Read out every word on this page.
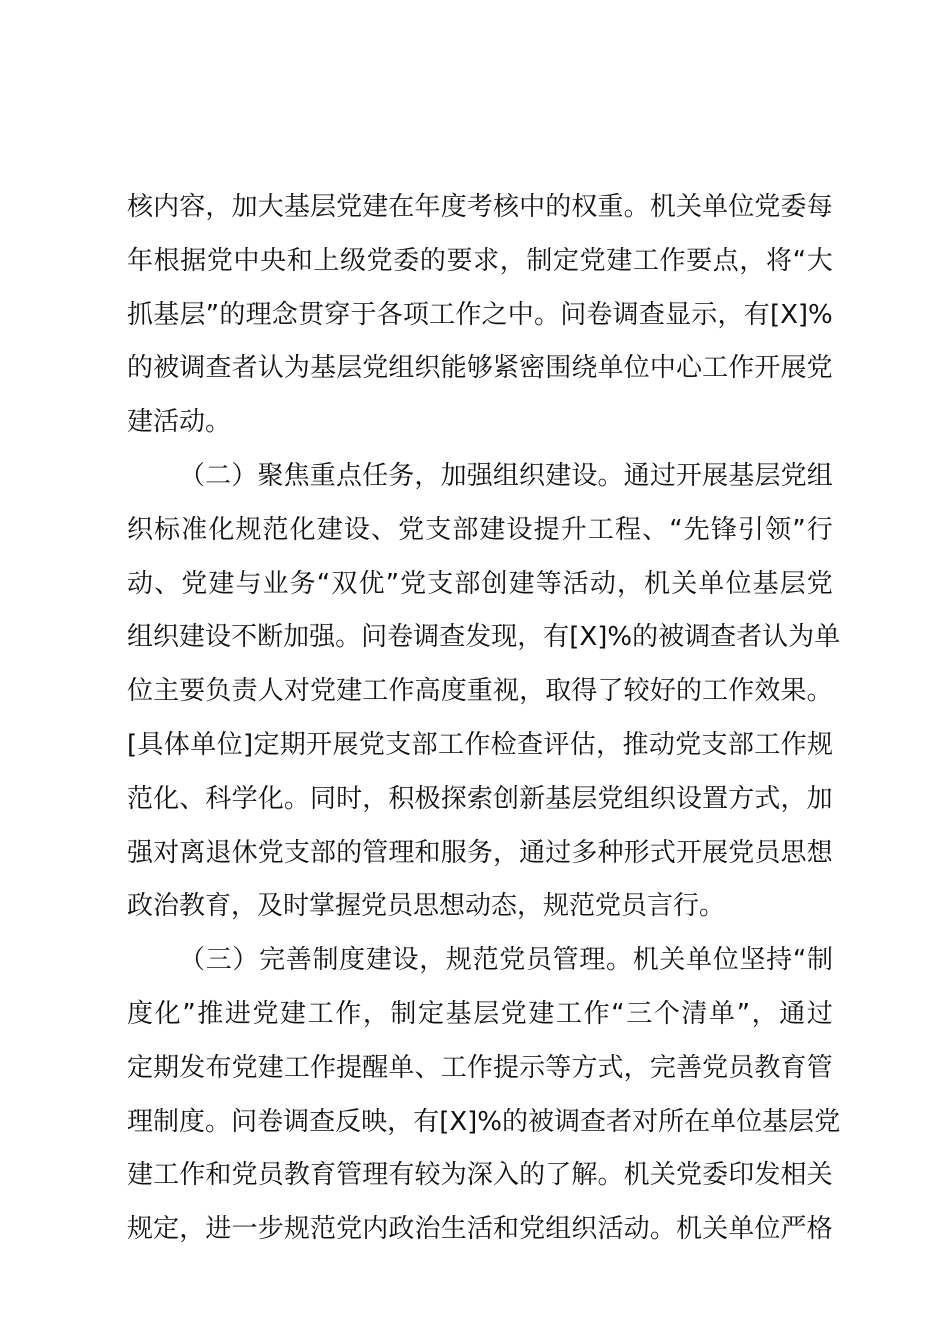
核 内 容 ， 加 大 基 层 党 建 在 年 度 考 核 中 的 权 重 。 机 关 单 位 党 委 每
年 根 据 党 中 央 和 上 级 党 委 的 要 求 ， 制 定 党 建 工 作 要 点 ， 将 “ 大
抓 基 层 ” 的 理 念 贯 穿 于 各 项 工 作 之 中 。 问 卷 调 查 显 示 ， 有 [X]%
的 被 调 查 者 认 为 基 层 党 组 织 能 够 紧 密 围 绕 单 位 中 心 工 作 开 展 党
建活动。
（ 二 ） 聚 焦 重 点 任 务 ， 加 强 组 织 建 设 。 通 过 开 展 基 层 党 组
织 标 准 化 规 范 化 建 设 、 党 支 部 建 设 提 升 工 程 、 “ 先 锋 引 领 ” 行
动 、 党 建 与 业 务 “ 双 优 ” 党 支 部 创 建 等 活 动 ， 机 关 单 位 基 层 党
组 织 建 设 不 断 加 强 。 问 卷 调 查 发 现 ， 有 [X]% 的 被 调 查 者 认 为 单
位 主 要 负 责 人 对 党 建 工 作 高 度 重 视 ， 取 得 了 较 好 的 工 作 效 果 。
[ 具 体 单 位 ] 定 期 开 展 党 支 部 工 作 检 查 评 估 ， 推 动 党 支 部 工 作 规
范 化 、 科 学 化 。 同 时 ， 积 极 探 索 创 新 基 层 党 组 织 设 置 方 式 ， 加
强 对 离 退 休 党 支 部 的 管 理 和 服 务 ， 通 过 多 种 形 式 开 展 党 员 思 想
政治教育，及时掌握党员思想动态，规范党员言行。
（ 三 ） 完 善 制 度 建 设 ， 规 范 党 员 管 理 。 机 关 单 位 坚 持 “ 制
度 化 ” 推 进 党 建 工 作 ， 制 定 基 层 党 建 工 作 “ 三 个 清 单 ” ， 通 过
定 期 发 布 党 建 工 作 提 醒 单 、 工 作 提 示 等 方 式 ， 完 善 党 员 教 育 管
理 制 度 。 问 卷 调 查 反 映 ， 有 [X]% 的 被 调 查 者 对 所 在 单 位 基 层 党
建 工 作 和 党 员 教 育 管 理 有 较 为 深 入 的 了 解 。 机 关 党 委 印 发 相 关
规 定 ， 进 一 步 规 范 党 内 政 治 生 活 和 党 组 织 活 动 。 机 关 单 位 严 格
